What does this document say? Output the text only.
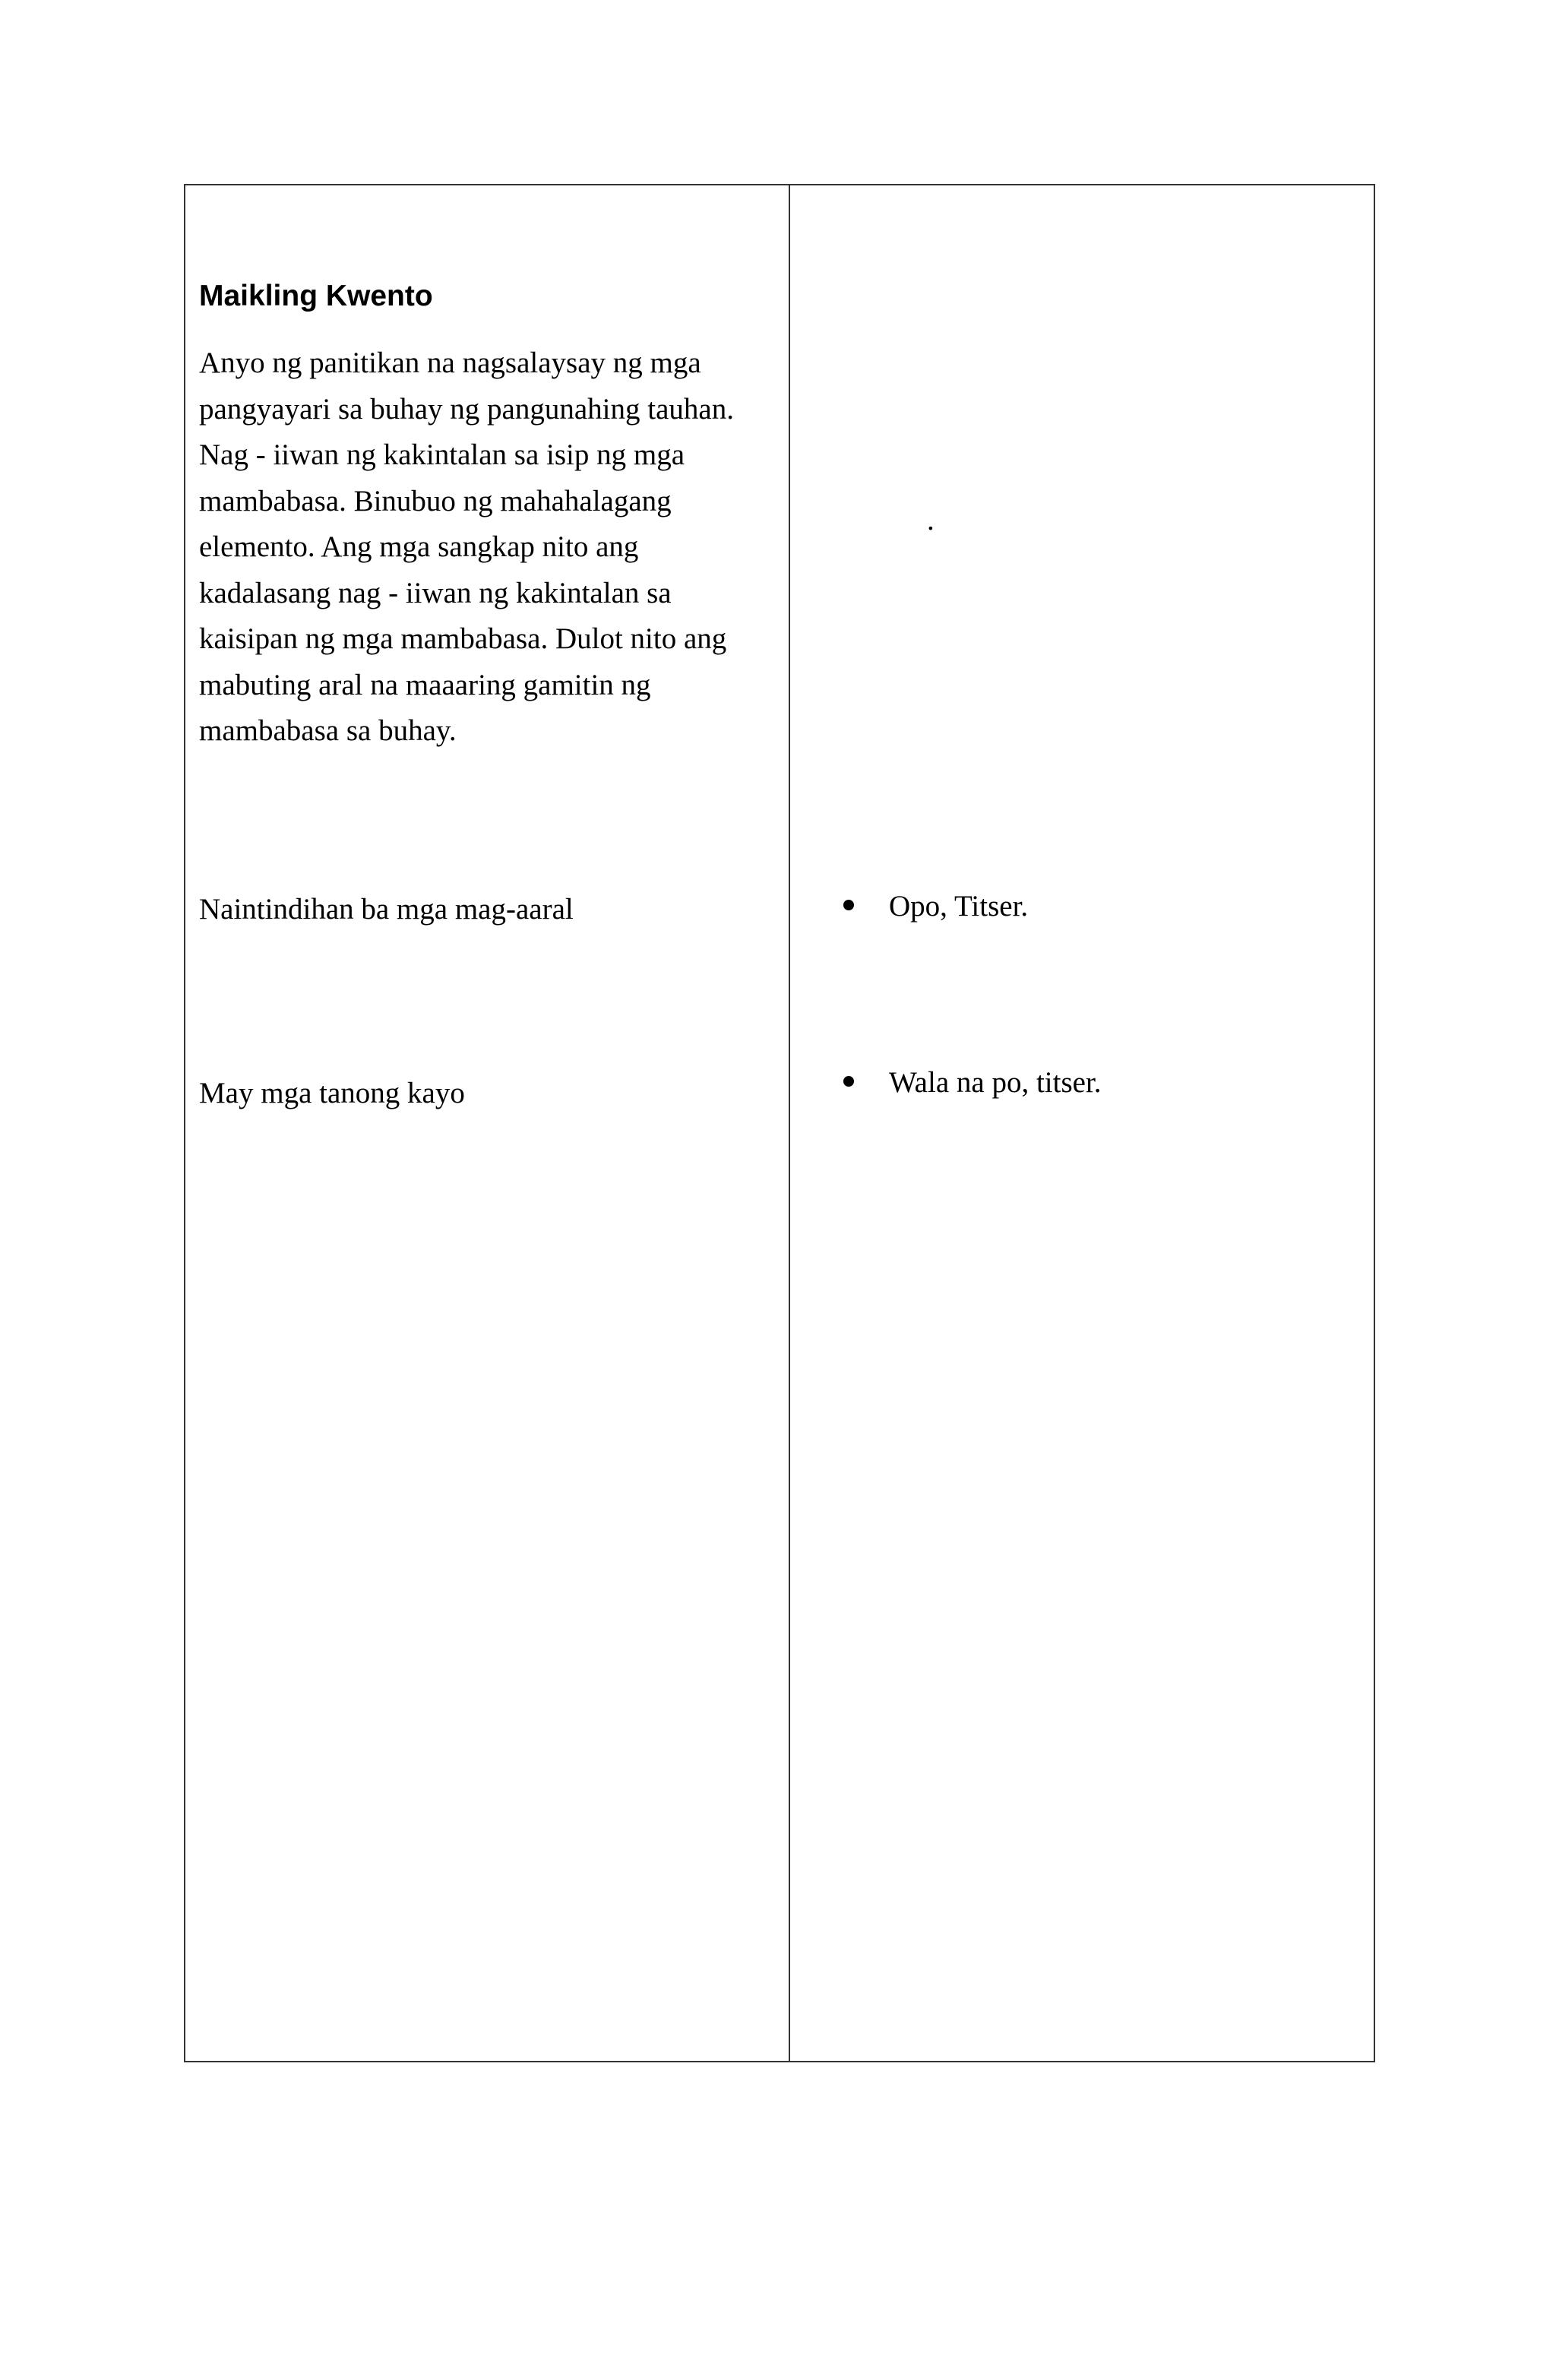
Maikling Kwento

Anyo ng panitikan na nagsalaysay ng mga
pangyayari sa buhay ng pangunahing tauhan.
Nag - iiwan ng kakintalan sa isip ng mga
mambabasa. Binubuo ng mahahalagang
elemento. Ang mga sangkap nito ang
kadalasang nag - iiwan ng kakintalan sa
kaisipan ng mga mambabasa. Dulot nito ang
mabuting aral na maaaring gamitin ng
mambabasa sa buhay.

Naintindihan ba mga mag-aaral

May mga tanong kayo

.
Opo, Titser.
Wala na po, titser.
